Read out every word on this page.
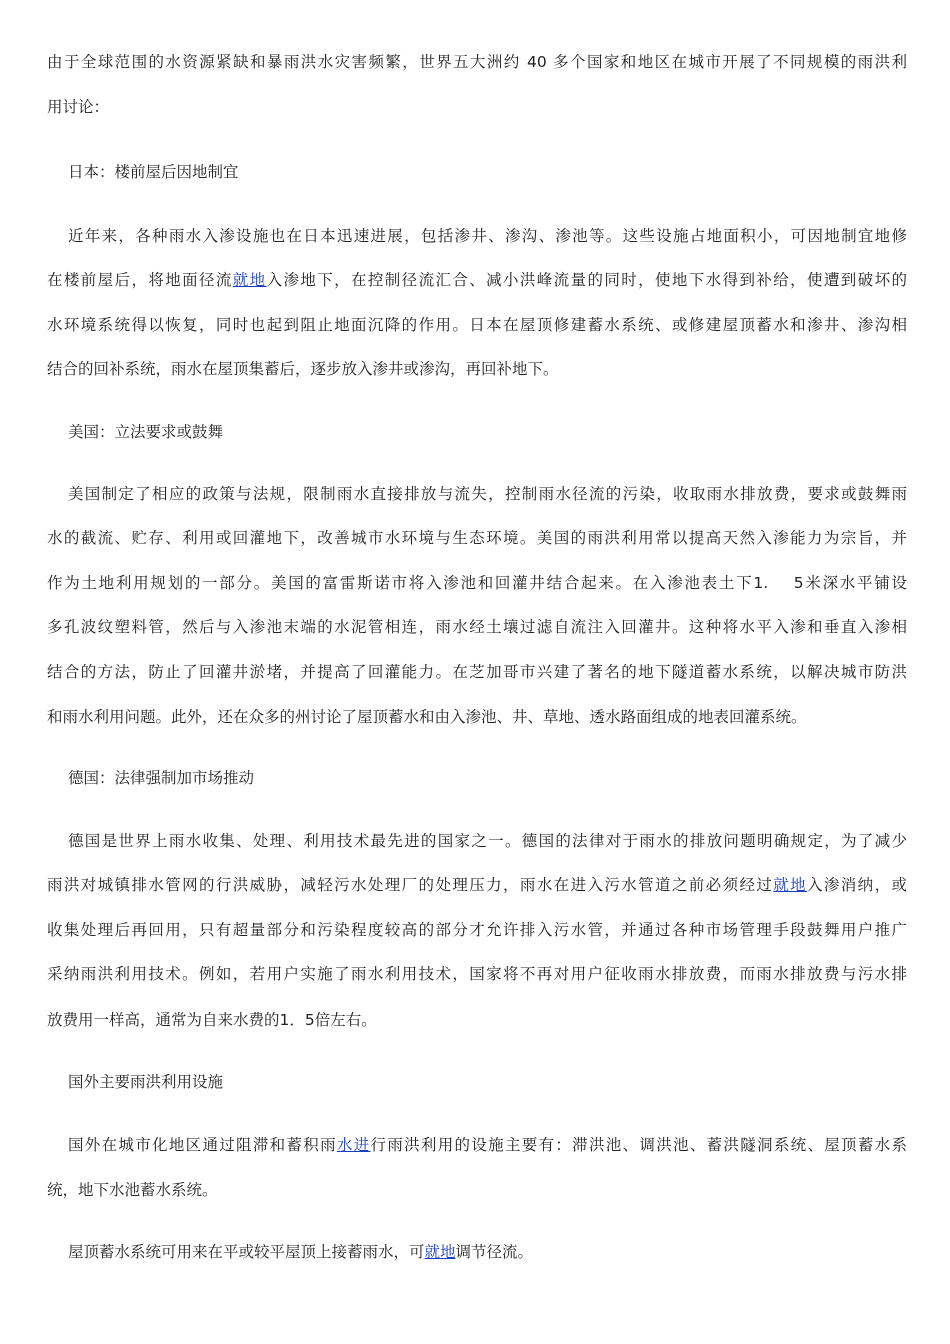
由于全球范围的水资源紧缺和暴雨洪水灾害频繁，世界五大洲约 40 多个国家和地区在城市开展了不同规模的雨洪利
用讨论：
日本：楼前屋后因地制宜
近年来，各种雨水入渗设施也在日本迅速进展，包括渗井、渗沟、渗池等。这些设施占地面积小，可因地制宜地修
在楼前屋后，将地面径流就地入渗地下，在控制径流汇合、减小洪峰流量的同时，使地下水得到补给，使遭到破坏的
水环境系统得以恢复，同时也起到阻止地面沉降的作用。日本在屋顶修建蓄水系统、或修建屋顶蓄水和渗井、渗沟相
结合的回补系统，雨水在屋顶集蓄后，逐步放入渗井或渗沟，再回补地下。
美国：立法要求或鼓舞
美国制定了相应的政策与法规，限制雨水直接排放与流失，控制雨水径流的污染，收取雨水排放费，要求或鼓舞雨
水的截流、贮存、利用或回灌地下，改善城市水环境与生态环境。美国的雨洪利用常以提高天然入渗能力为宗旨，并
作为土地利用规划的一部分。美国的富雷斯诺市将入渗池和回灌井结合起来。在入渗池表土下1.　 5米深水平铺设
多孔波纹塑料管，然后与入渗池末端的水泥管相连，雨水经土壤过滤自流注入回灌井。这种将水平入渗和垂直入渗相
结合的方法，防止了回灌井淤堵，并提高了回灌能力。在芝加哥市兴建了著名的地下隧道蓄水系统，以解决城市防洪
和雨水利用问题。此外，还在众多的州讨论了屋顶蓄水和由入渗池、井、草地、透水路面组成的地表回灌系统。
德国：法律强制加市场推动
德国是世界上雨水收集、处理、利用技术最先进的国家之一。德国的法律对于雨水的排放问题明确规定，为了减少
雨洪对城镇排水管网的行洪威胁，减轻污水处理厂的处理压力，雨水在进入污水管道之前必须经过就地入渗消纳，或
收集处理后再回用，只有超量部分和污染程度较高的部分才允许排入污水管，并通过各种市场管理手段鼓舞用户推广
采纳雨洪利用技术。例如，若用户实施了雨水利用技术，国家将不再对用户征收雨水排放费，而雨水排放费与污水排
放费用一样高，通常为自来水费的1．5倍左右。
国外主要雨洪利用设施
国外在城市化地区通过阻滞和蓄积雨水进行雨洪利用的设施主要有：滞洪池、调洪池、蓄洪隧洞系统、屋顶蓄水系
统，地下水池蓄水系统。
屋顶蓄水系统可用来在平或较平屋顶上接蓄雨水，可就地调节径流。
